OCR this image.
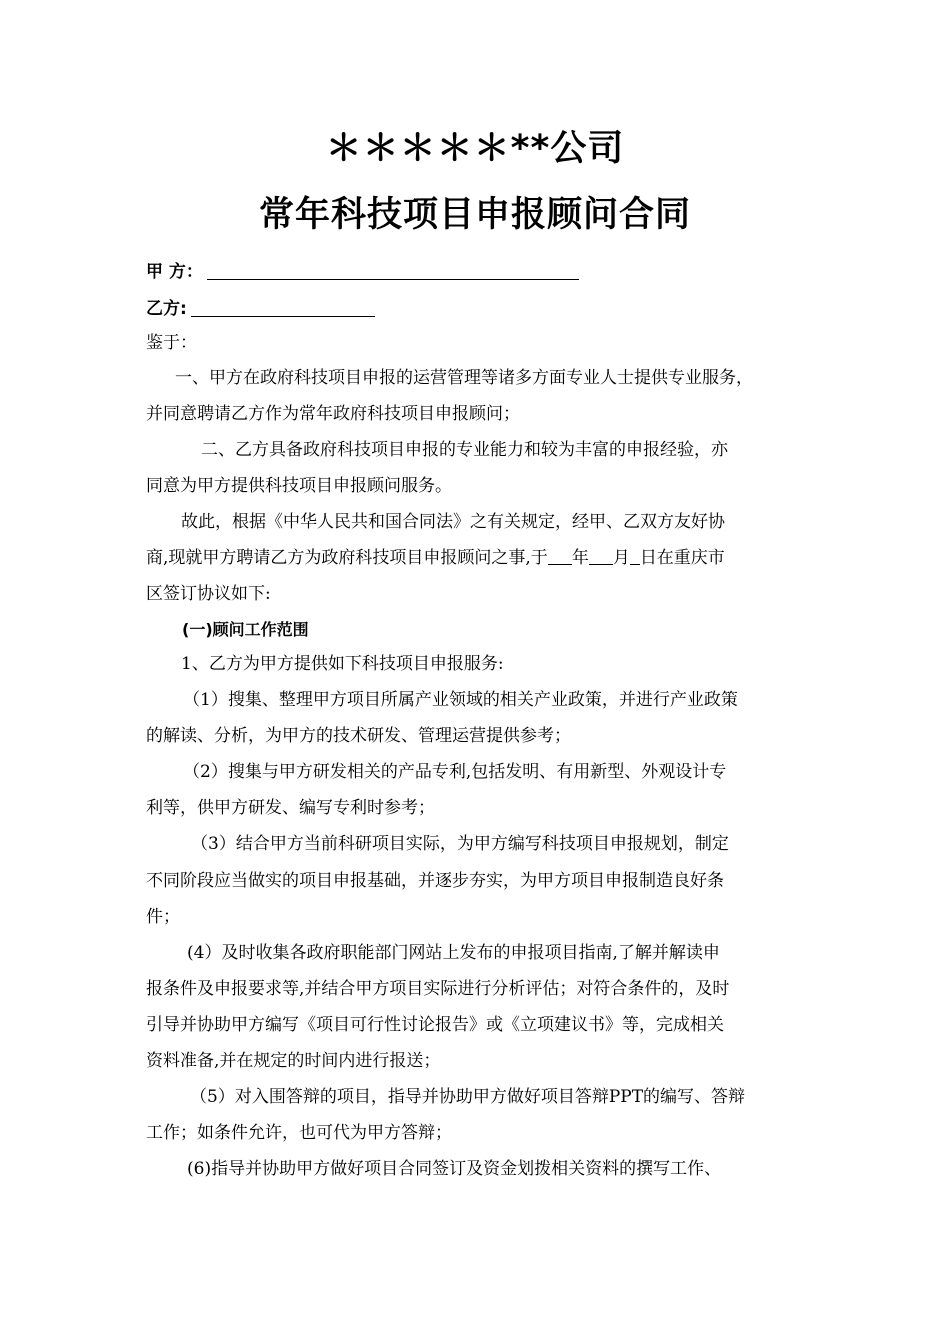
＊＊＊＊＊**公司
常年科技项目申报顾问合同
甲 方：
乙方:
鉴于：
一、甲方在政府科技项目申报的运营管理等诸多方面专业人士提供专业服务，
并同意聘请乙方作为常年政府科技项目申报顾问；
二、乙方具备政府科技项目申报的专业能力和较为丰富的申报经验，亦
同意为甲方提供科技项目申报顾问服务。
故此，根据《中华人民共和国合同法》之有关规定，经甲、乙双方友好协
商,现就甲方聘请乙方为政府科技项目申报顾问之事,于 年 月 日在重庆市
区签订协议如下:
(一)顾问工作范围
1、乙方为甲方提供如下科技项目申报服务:
（1）搜集、整理甲方项目所属产业领域的相关产业政策，并进行产业政策
的解读、分析，为甲方的技术研发、管理运营提供参考；
（2）搜集与甲方研发相关的产品专利,包括发明、有用新型、外观设计专
利等，供甲方研发、编写专利时参考；
（3）结合甲方当前科研项目实际，为甲方编写科技项目申报规划，制定
不同阶段应当做实的项目申报基础，并逐步夯实，为甲方项目申报制造良好条
件；
(4）及时收集各政府职能部门网站上发布的申报项目指南,了解并解读申
报条件及申报要求等,并结合甲方项目实际进行分析评估；对符合条件的，及时
引导并协助甲方编写《项目可行性讨论报告》或《立项建议书》等，完成相关
资料准备,并在规定的时间内进行报送；
（5）对入围答辩的项目，指导并协助甲方做好项目答辩PPT的编写、答辩
工作；如条件允许，也可代为甲方答辩；
(6)指导并协助甲方做好项目合同签订及资金划拨相关资料的撰写工作、
